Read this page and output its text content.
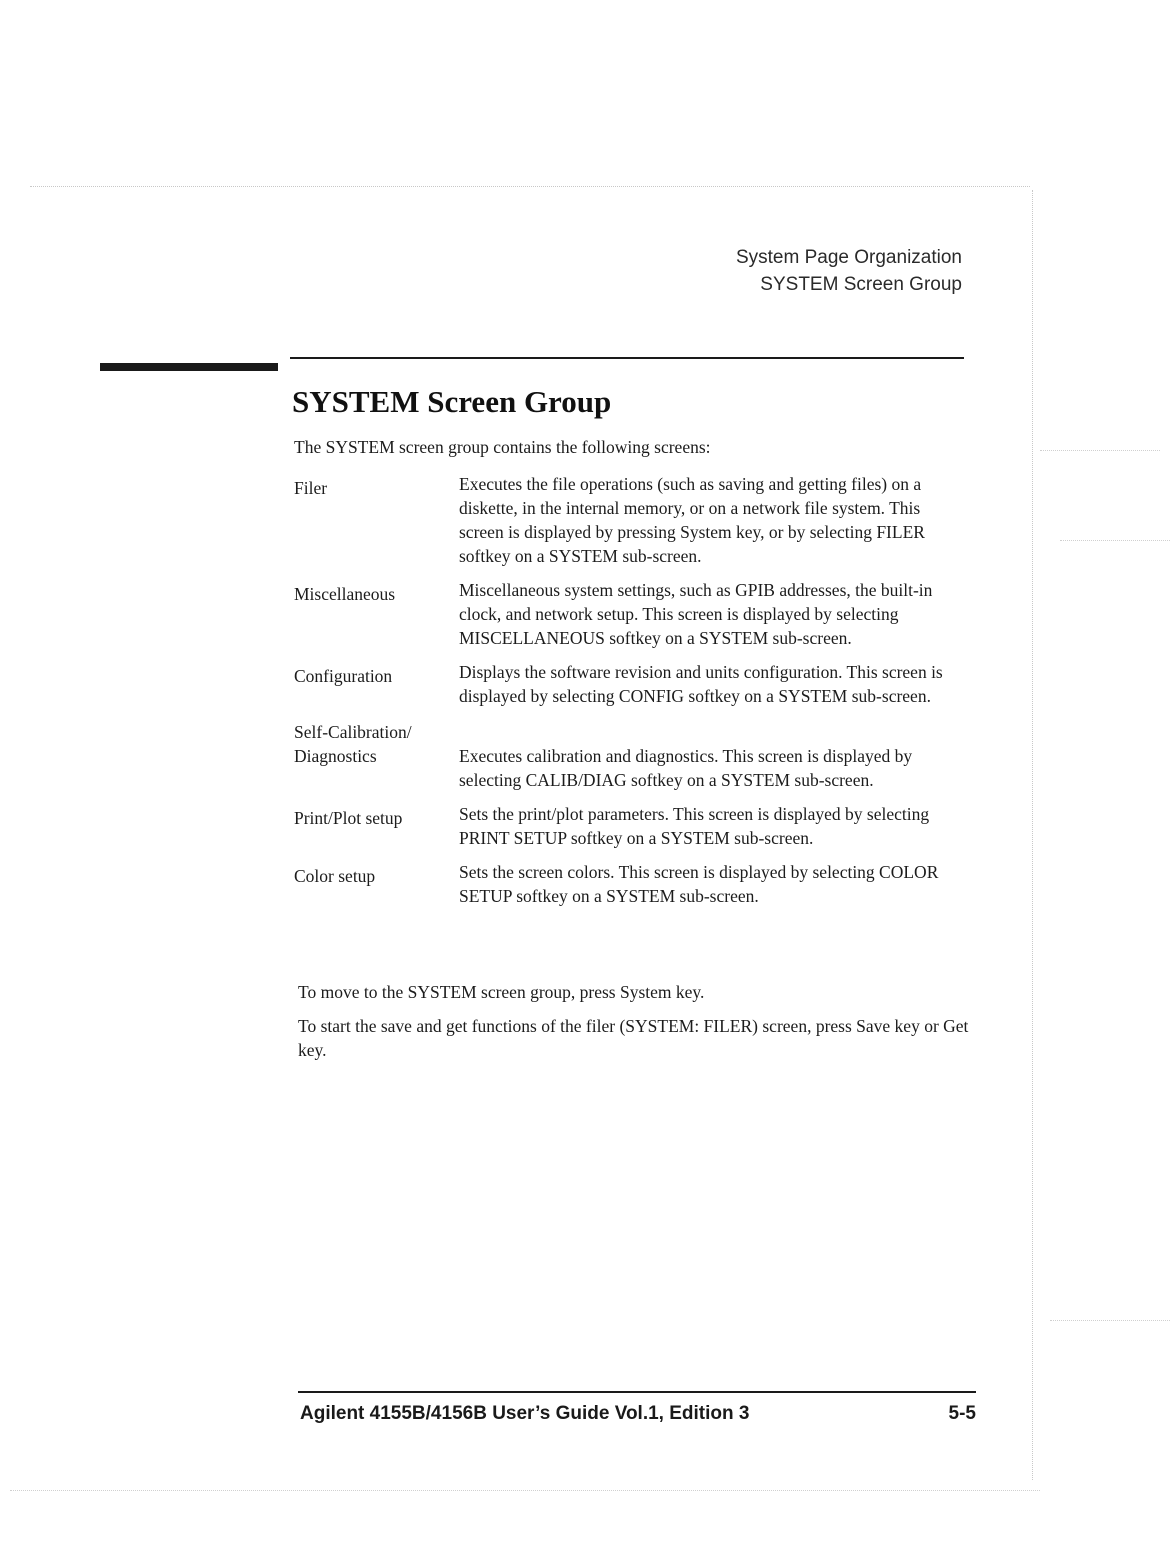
System Page Organization
SYSTEM Screen Group
SYSTEM Screen Group
The SYSTEM screen group contains the following screens:
Filer	Executes the file operations (such as saving and getting files) on a diskette, in the internal memory, or on a network file system. This screen is displayed by pressing System key, or by selecting FILER softkey on a SYSTEM sub-screen.
Miscellaneous	Miscellaneous system settings, such as GPIB addresses, the built-in clock, and network setup. This screen is displayed by selecting MISCELLANEOUS softkey on a SYSTEM sub-screen.
Configuration	Displays the software revision and units configuration. This screen is displayed by selecting CONFIG softkey on a SYSTEM sub-screen.
Self-Calibration/ Diagnostics	Executes calibration and diagnostics. This screen is displayed by selecting CALIB/DIAG softkey on a SYSTEM sub-screen.
Print/Plot setup	Sets the print/plot parameters. This screen is displayed by selecting PRINT SETUP softkey on a SYSTEM sub-screen.
Color setup	Sets the screen colors. This screen is displayed by selecting COLOR SETUP softkey on a SYSTEM sub-screen.
To move to the SYSTEM screen group, press System key.
To start the save and get functions of the filer (SYSTEM: FILER) screen, press Save key or Get key.
Agilent 4155B/4156B User’s Guide Vol.1, Edition 3	5-5
